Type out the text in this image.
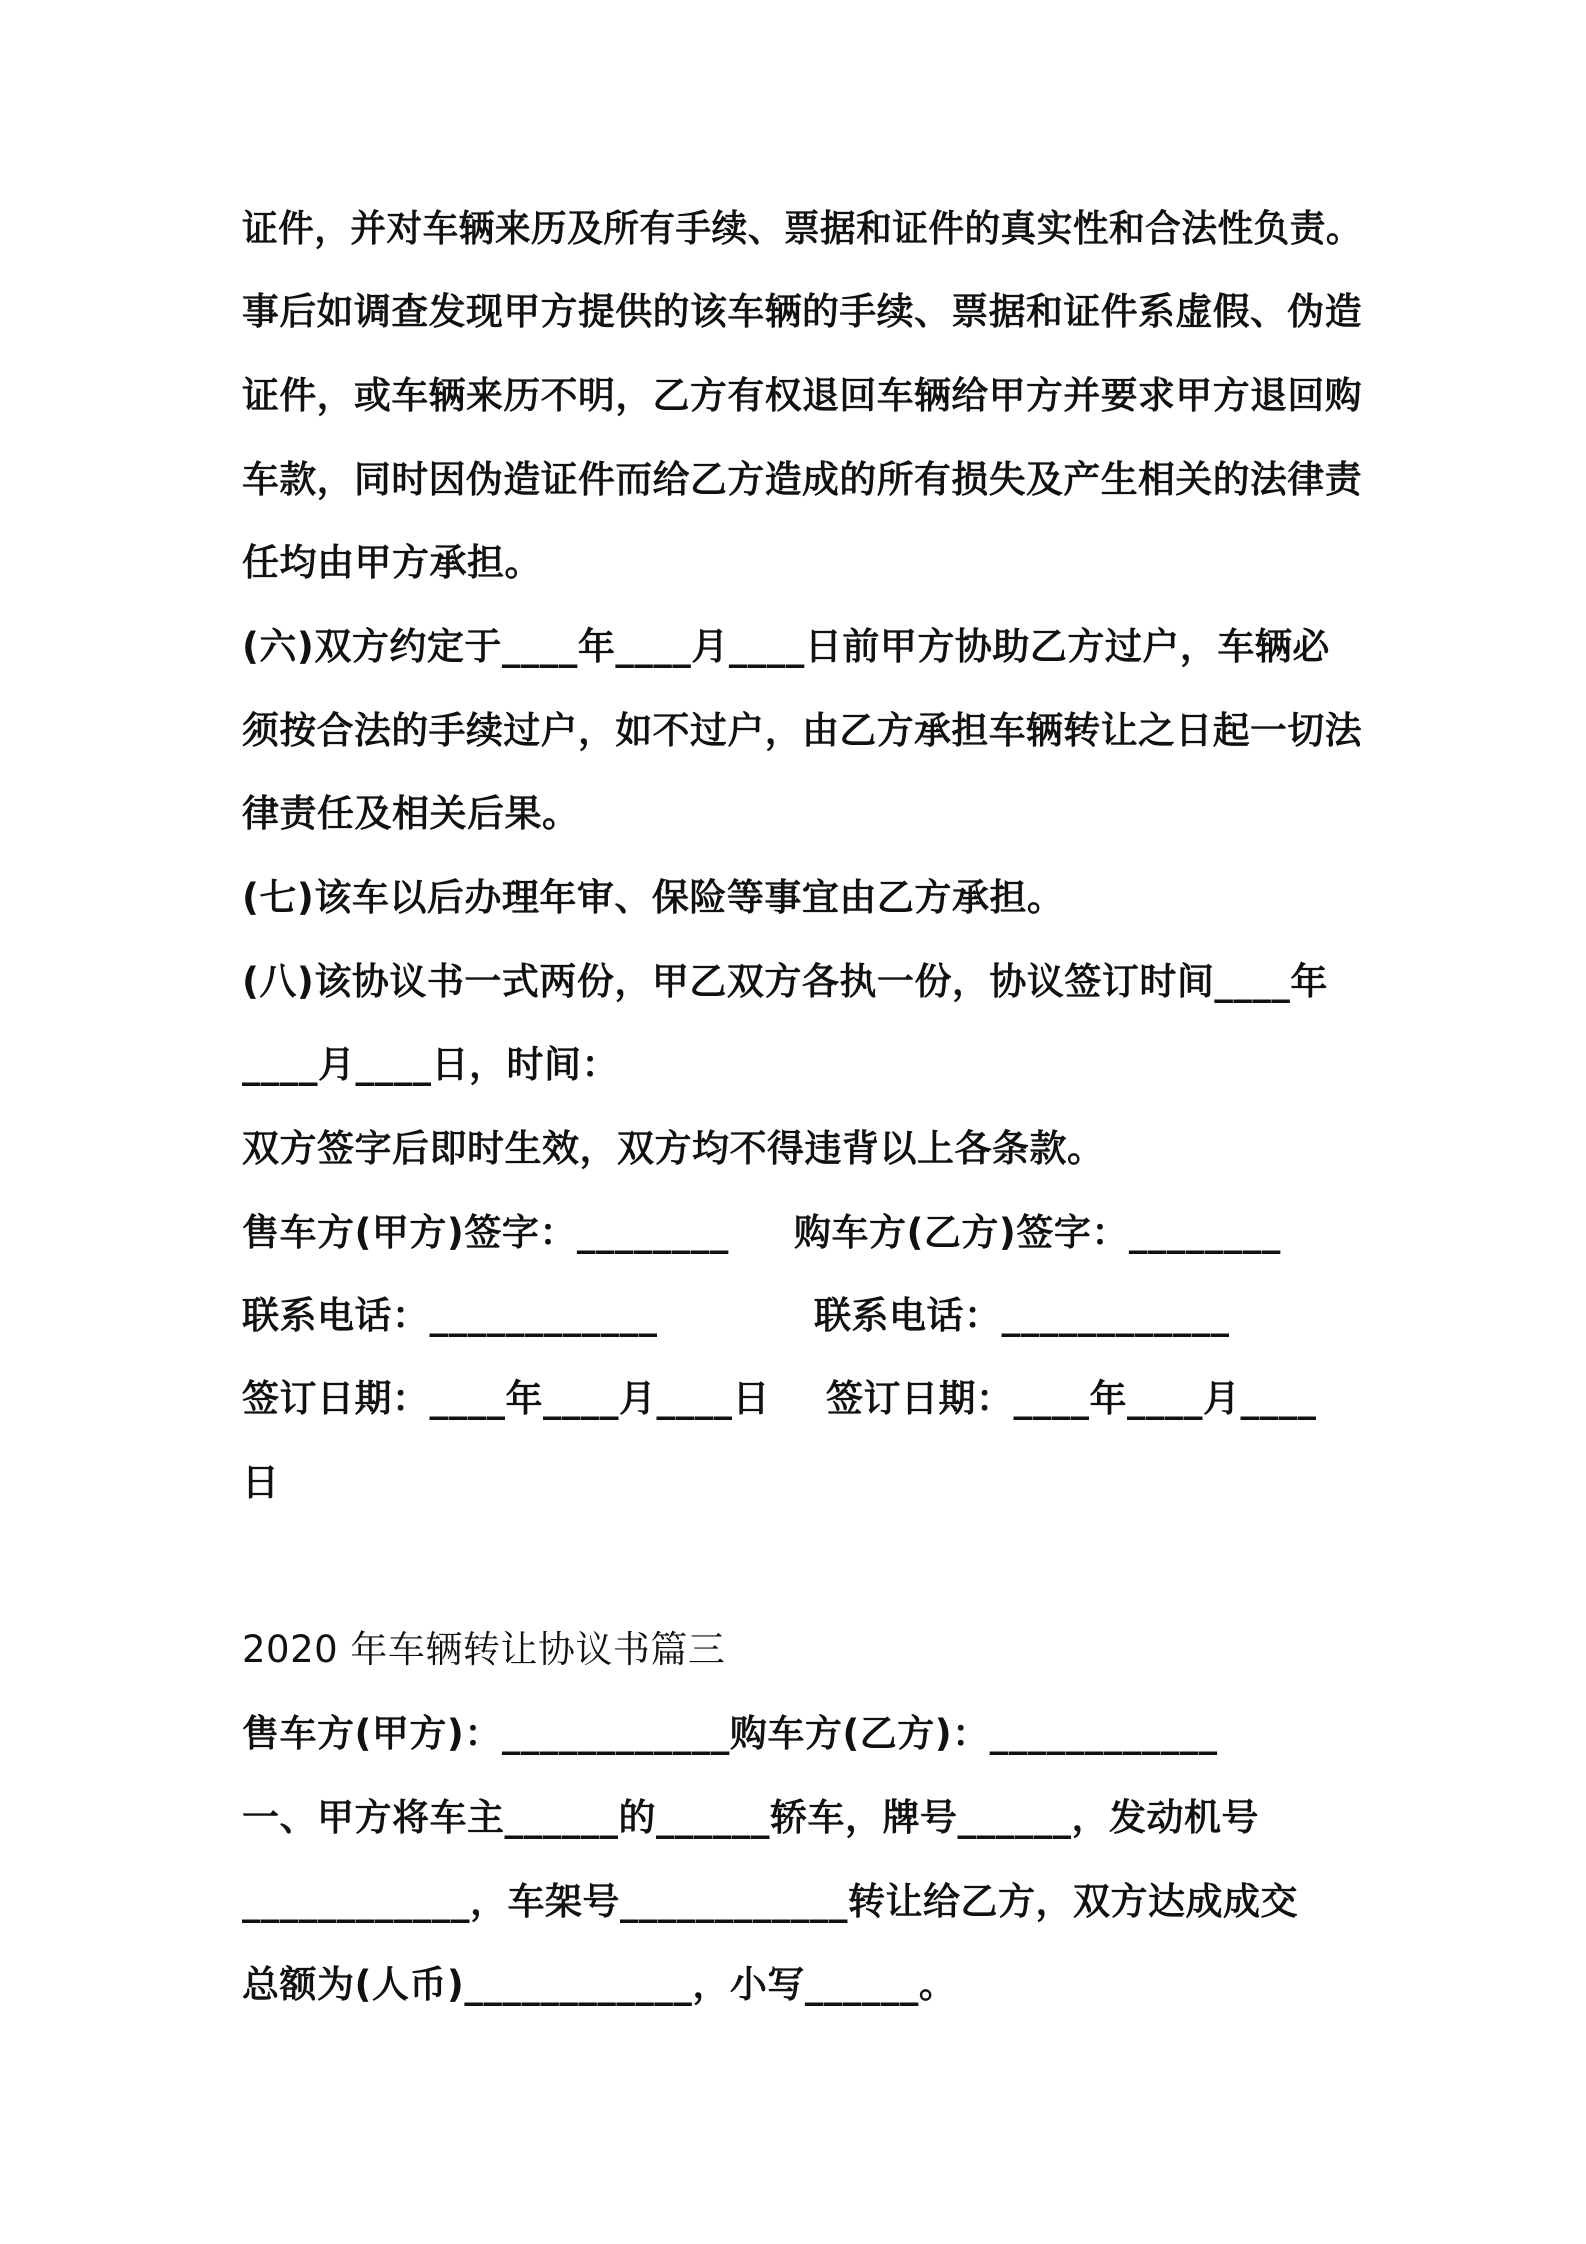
证件，并对车辆来历及所有手续、票据和证件的真实性和合法性负责。
事后如调查发现甲方提供的该车辆的手续、票据和证件系虚假、伪造
证件，或车辆来历不明，乙方有权退回车辆给甲方并要求甲方退回购
车款，同时因伪造证件而给乙方造成的所有损失及产生相关的法律责
任均由甲方承担。
(六)双方约定于____年____月____日前甲方协助乙方过户，车辆必
须按合法的手续过户，如不过户，由乙方承担车辆转让之日起一切法
律责任及相关后果。
(七)该车以后办理年审、保险等事宜由乙方承担。
(八)该协议书一式两份，甲乙双方各执一份，协议签订时间____年
____月____日，时间：
双方签字后即时生效，双方均不得违背以上各条款。
售车方(甲方)签字：________ 购车方(乙方)签字：________
联系电话：____________	联系电话：____________
签订日期：____年____月____日 签订日期：____年____月____
日
2020 年车辆转让协议书篇三
售车方(甲方)：____________购车方(乙方)：____________
一、甲方将车主______的______轿车，牌号______，发动机号
____________，车架号____________转让给乙方，双方达成成交
总额为(人币)____________，小写______。
